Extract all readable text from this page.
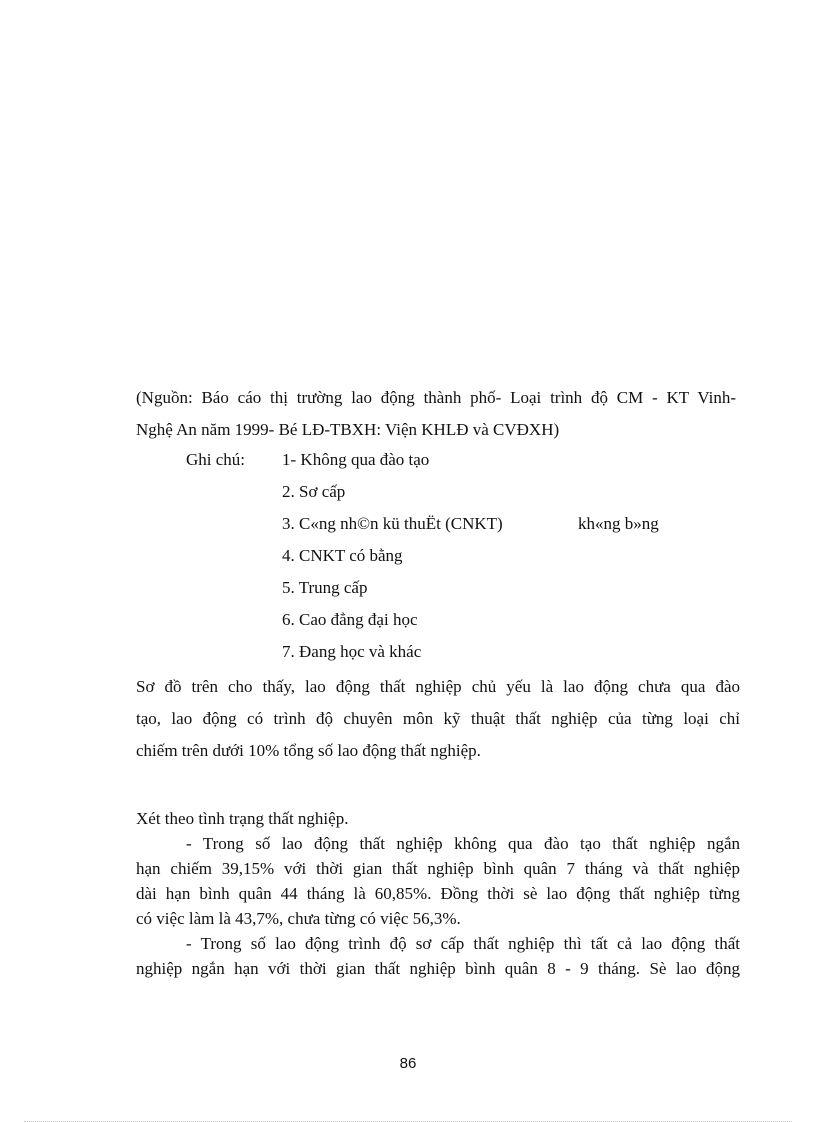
(Nguồn: Báo cáo thị trường lao động thành phố- Loại trình độ CM - KT Vinh-
Nghệ An năm 1999- Bé LĐ-TBXH: Viện KHLĐ và CVĐXH)
Ghi chú: 1- Không qua đào tạo
2. Sơ cấp
3. C«ng nh©n kü thuËt (CNKT)	kh«ng b»ng
4. CNKT có bằng
5. Trung cấp
6. Cao đẳng đại học
7. Đang học và khác
Sơ đồ trên cho thấy, lao động thất nghiệp chủ yếu là lao động chưa qua đào
tạo, lao động có trình độ chuyên môn kỹ thuật thất nghiệp của từng loại chỉ
chiếm trên dưới 10% tổng số lao động thất nghiệp.
Xét theo tình trạng thất nghiệp.
- Trong số lao động thất nghiệp không qua đào tạo thất nghiệp ngắn
hạn chiếm 39,15% với thời gian thất nghiệp bình quân 7 tháng và thất nghiệp
dài hạn bình quân 44 tháng là 60,85%. Đồng thời sè lao động thất nghiệp từng
có việc làm là 43,7%, chưa từng có việc 56,3%.
- Trong số lao động trình độ sơ cấp thất nghiệp thì tất cả lao động thất
nghiệp ngắn hạn với thời gian thất nghiệp bình quân 8 - 9 tháng. Sè lao động
86
